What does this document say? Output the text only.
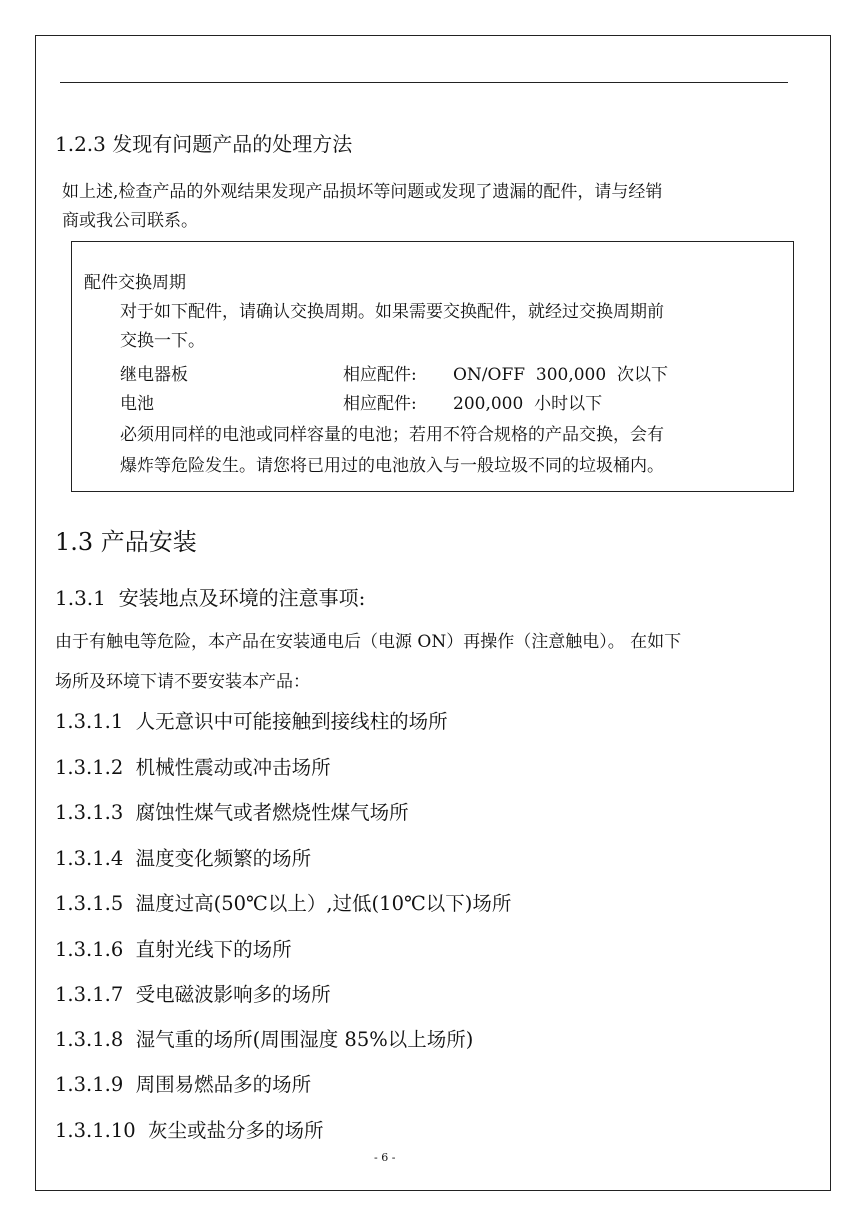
1.2.3 发现有问题产品的处理方法
如上述,检查产品的外观结果发现产品损坏等问题或发现了遗漏的配件，请与经销
商或我公司联系。
配件交换周期
对于如下配件，请确认交换周期。如果需要交换配件，就经过交换周期前
交换一下。
继电器板	相应配件: ON/OFF  300,000  次以下
电池	相应配件: 200,000  小时以下
必须用同样的电池或同样容量的电池；若用不符合规格的产品交换，会有
爆炸等危险发生。请您将已用过的电池放入与一般垃圾不同的垃圾桶内。
1.3 产品安装
1.3.1  安装地点及环境的注意事项:
由于有触电等危险，本产品在安装通电后（电源 ON）再操作（注意触电）。 在如下
场所及环境下请不要安装本产品：
1.3.1.1  人无意识中可能接触到接线柱的场所
1.3.1.2  机械性震动或冲击场所
1.3.1.3  腐蚀性煤气或者燃烧性煤气场所
1.3.1.4  温度变化频繁的场所
1.3.1.5  温度过高(50℃以上）,过低(10℃以下)场所
1.3.1.6  直射光线下的场所
1.3.1.7  受电磁波影响多的场所
1.3.1.8  湿气重的场所(周围湿度 85%以上场所)
1.3.1.9  周围易燃品多的场所
1.3.1.10  灰尘或盐分多的场所
- 6 -
